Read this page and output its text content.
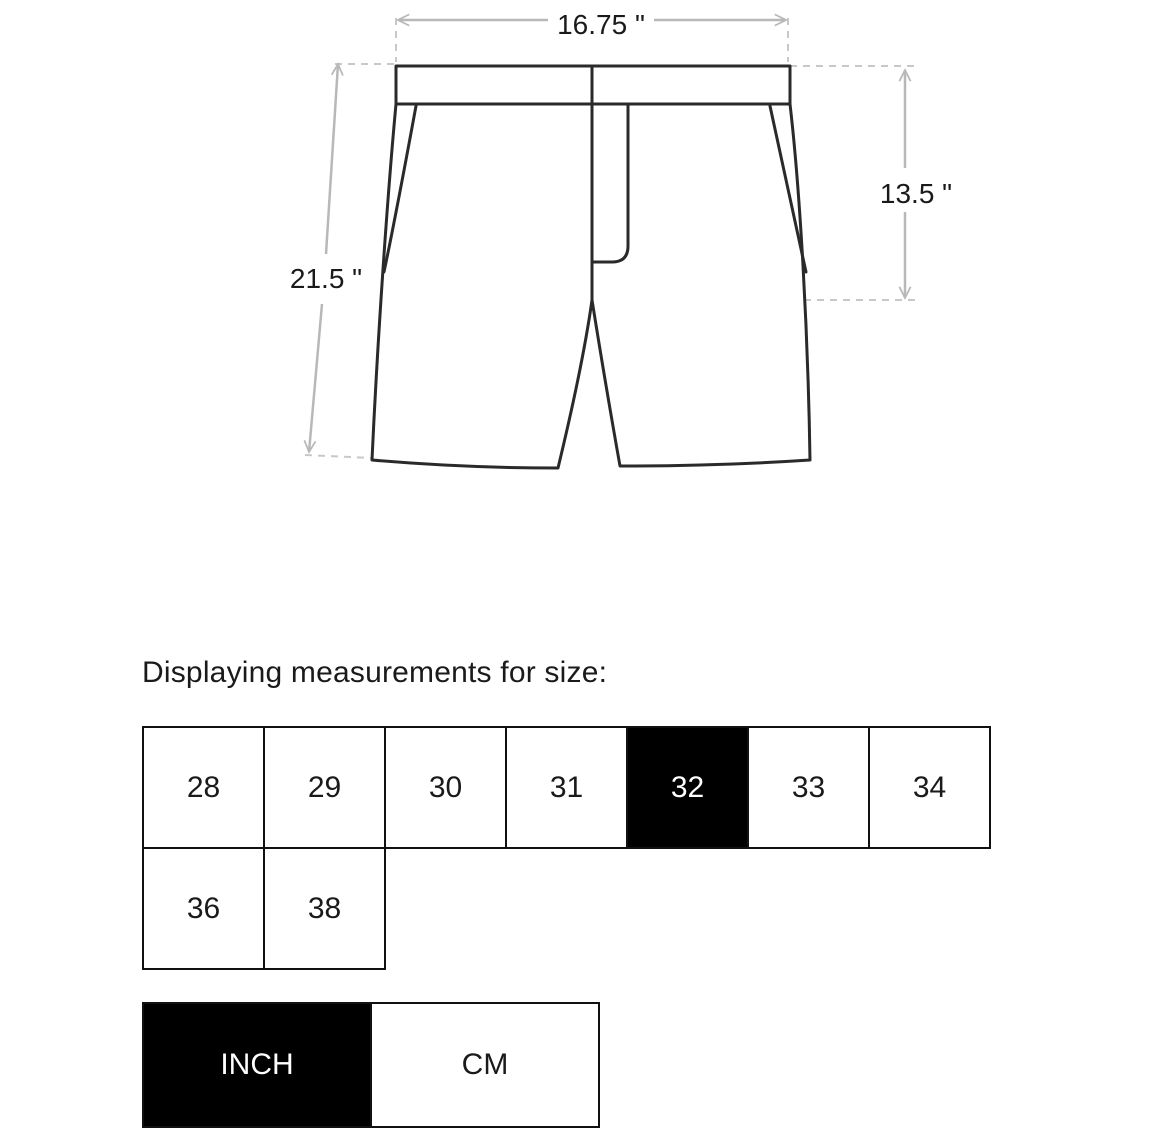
16.75 "
13.5 "
21.5 "
Displaying measurements for size:
28	29	30	31	32	33	34
36	38
INCH	CM
